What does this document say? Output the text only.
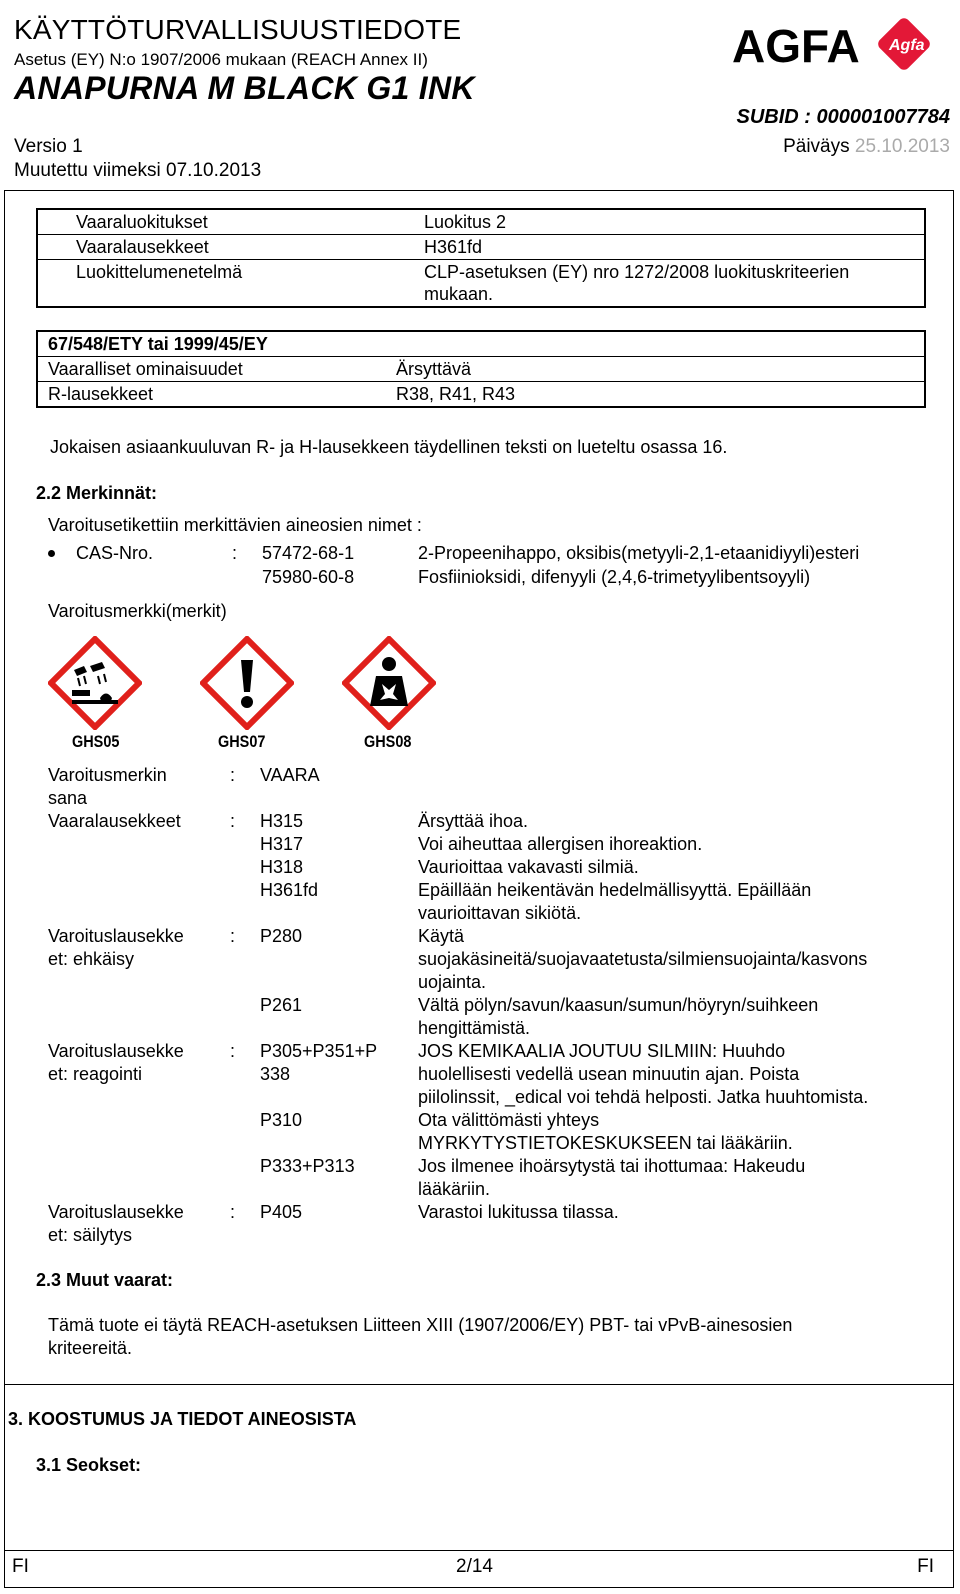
KÄYTTÖTURVALLISUUSTIEDOTE
Asetus (EY) N:o 1907/2006 mukaan (REACH Annex II)
ANAPURNA M BLACK G1 INK
SUBID : 000001007784
Versio 1
Muutettu viimeksi 07.10.2013
Päiväys 25.10.2013
AGFA Agfa
Vaaraluokitukset	Luokitus 2
Vaaralausekkeet	H361fd
Luokittelumenetelmä	CLP-asetuksen (EY) nro 1272/2008 luokituskriteerien
mukaan.
67/548/ETY tai 1999/45/EY	
Vaaralliset ominaisuudet	Ärsyttävä
R-lausekkeet	R38, R41, R43
Jokaisen asiaankuuluvan R- ja H-lausekkeen täydellinen teksti on lueteltu osassa 16.
2.2 Merkinnät:
Varoitusetikettiin merkittävien aineosien nimet :
CAS-Nro.	: 57472-68-1	2-Propeenihappo, oksibis(metyyli-2,1-etaanidiyyli)esteri
75980-60-8	Fosfiinioksidi, difenyyli (2,4,6-trimetyylibentsoyyli)
Varoitusmerkki(merkit)
GHS05	GHS07	GHS08
Varoitusmerkin
sana
: VAARA
Vaaralausekkeet	: H315	Ärsyttää ihoa.
H317	Voi aiheuttaa allergisen ihoreaktion.
H318	Vaurioittaa vakavasti silmiä.
H361fd	Epäillään heikentävän hedelmällisyyttä. Epäillään
vaurioittavan sikiötä.
Varoituslausekke
et: ehkäisy
: P280	Käytä
suojakäsineitä/suojavaatetusta/silmiensuojainta/kasvons
uojainta.
P261	Vältä pölyn/savun/kaasun/sumun/höyryn/suihkeen
hengittämistä.
Varoituslausekke
et: reagointi
: P305+P351+P
338
JOS KEMIKAALIA JOUTUU SILMIIN: Huuhdo
huolellisesti vedellä usean minuutin ajan. Poista
piilolinssit, _edical voi tehdä helposti. Jatka huuhtomista.
P310	Ota välittömästi yhteys
MYRKYTYSTIETOKESKUKSEEN tai lääkäriin.
P333+P313	Jos ilmenee ihoärsytystä tai ihottumaa: Hakeudu
lääkäriin.
Varoituslausekke
et: säilytys
: P405	Varastoi lukitussa tilassa.
2.3 Muut vaarat:
Tämä tuote ei täytä REACH-asetuksen Liitteen XIII (1907/2006/EY) PBT- tai vPvB-ainesosien
kriteereitä.
3. KOOSTUMUS JA TIEDOT AINEOSISTA
3.1 Seokset:
FI	2/14	FI
